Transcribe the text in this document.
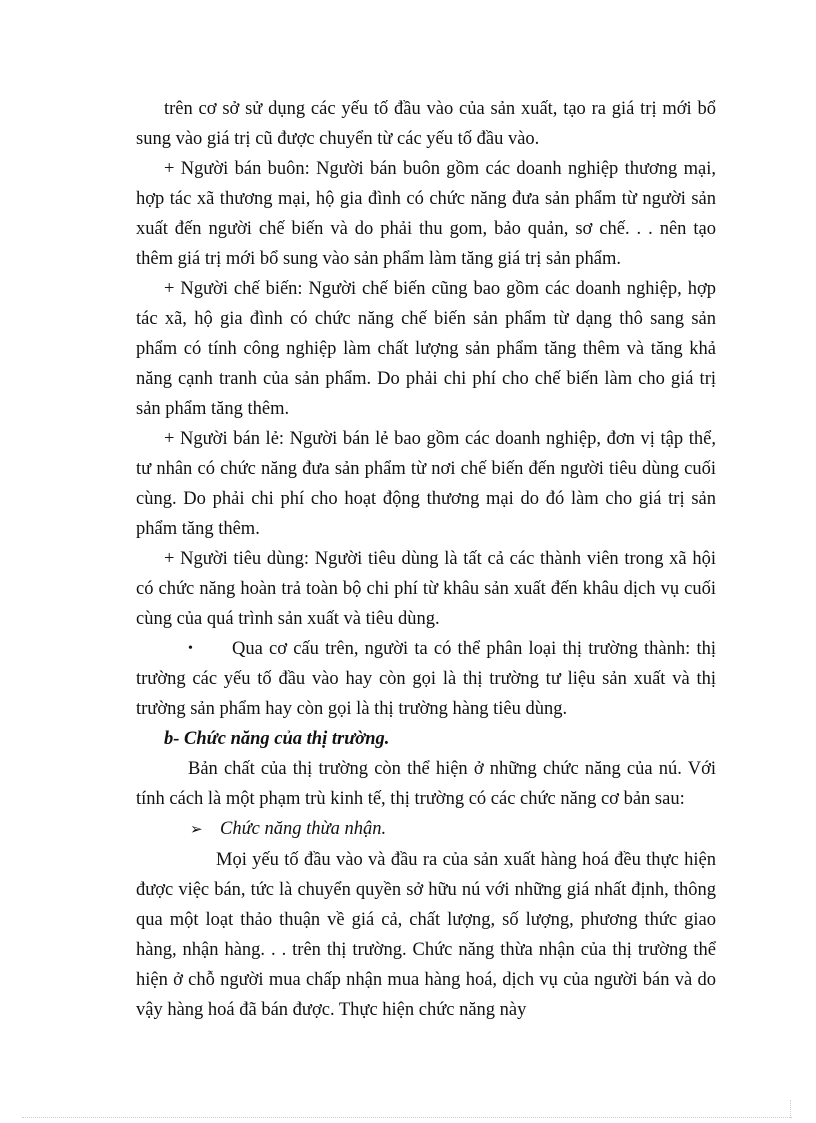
trên cơ sở sử dụng các yếu tố đầu vào của sản xuất, tạo ra giá trị mới bổ sung vào giá trị cũ được chuyển từ các yếu tố đầu vào.

+ Người bán buôn: Người bán buôn gồm các doanh nghiệp thương mại, hợp tác xã thương mại, hộ gia đình có chức năng đưa sản phẩm từ người sản xuất đến người chế biến và do phải thu gom, bảo quản, sơ chế. . . nên tạo thêm giá trị mới bổ sung vào sản phẩm làm tăng giá trị sản phẩm.

+ Người chế biến: Người chế biến cũng bao gồm các doanh nghiệp, hợp tác xã, hộ gia đình có chức năng chế biến sản phẩm từ dạng thô sang sản phẩm có tính công nghiệp làm chất lượng sản phẩm tăng thêm và tăng khả năng cạnh tranh của sản phẩm. Do phải chi phí cho chế biến làm cho giá trị sản phẩm tăng thêm.

+ Người bán lẻ: Người bán lẻ bao gồm các doanh nghiệp, đơn vị tập thể, tư nhân có chức năng đưa sản phẩm từ nơi chế biến đến người tiêu dùng cuối cùng. Do phải chi phí cho hoạt động thương mại do đó làm cho giá trị sản phẩm tăng thêm.

+ Người tiêu dùng: Người tiêu dùng là tất cả các thành viên trong xã hội có chức năng hoàn trả toàn bộ chi phí từ khâu sản xuất đến khâu dịch vụ cuối cùng của quá trình sản xuất và tiêu dùng.

• Qua cơ cấu trên, người ta có thể phân loại thị trường thành: thị trường các yếu tố đầu vào hay còn gọi là thị trường tư liệu sản xuất và thị trường sản phẩm hay còn gọi là thị trường hàng tiêu dùng.

b- Chức năng của thị trường.

Bản chất của thị trường còn thể hiện ở những chức năng của nú. Với tính cách là một phạm trù kinh tế, thị trường có các chức năng cơ bản sau:

➢ Chức năng thừa nhận.

Mọi yếu tố đầu vào và đầu ra của sản xuất hàng hoá đều thực hiện được việc bán, tức là chuyển quyền sở hữu nú với những giá nhất định, thông qua một loạt thảo thuận về giá cả, chất lượng, số lượng, phương thức giao hàng, nhận hàng. . . trên thị trường. Chức năng thừa nhận của thị trường thể hiện ở chỗ người mua chấp nhận mua hàng hoá, dịch vụ của người bán và do vậy hàng hoá đã bán được. Thực hiện chức năng này
